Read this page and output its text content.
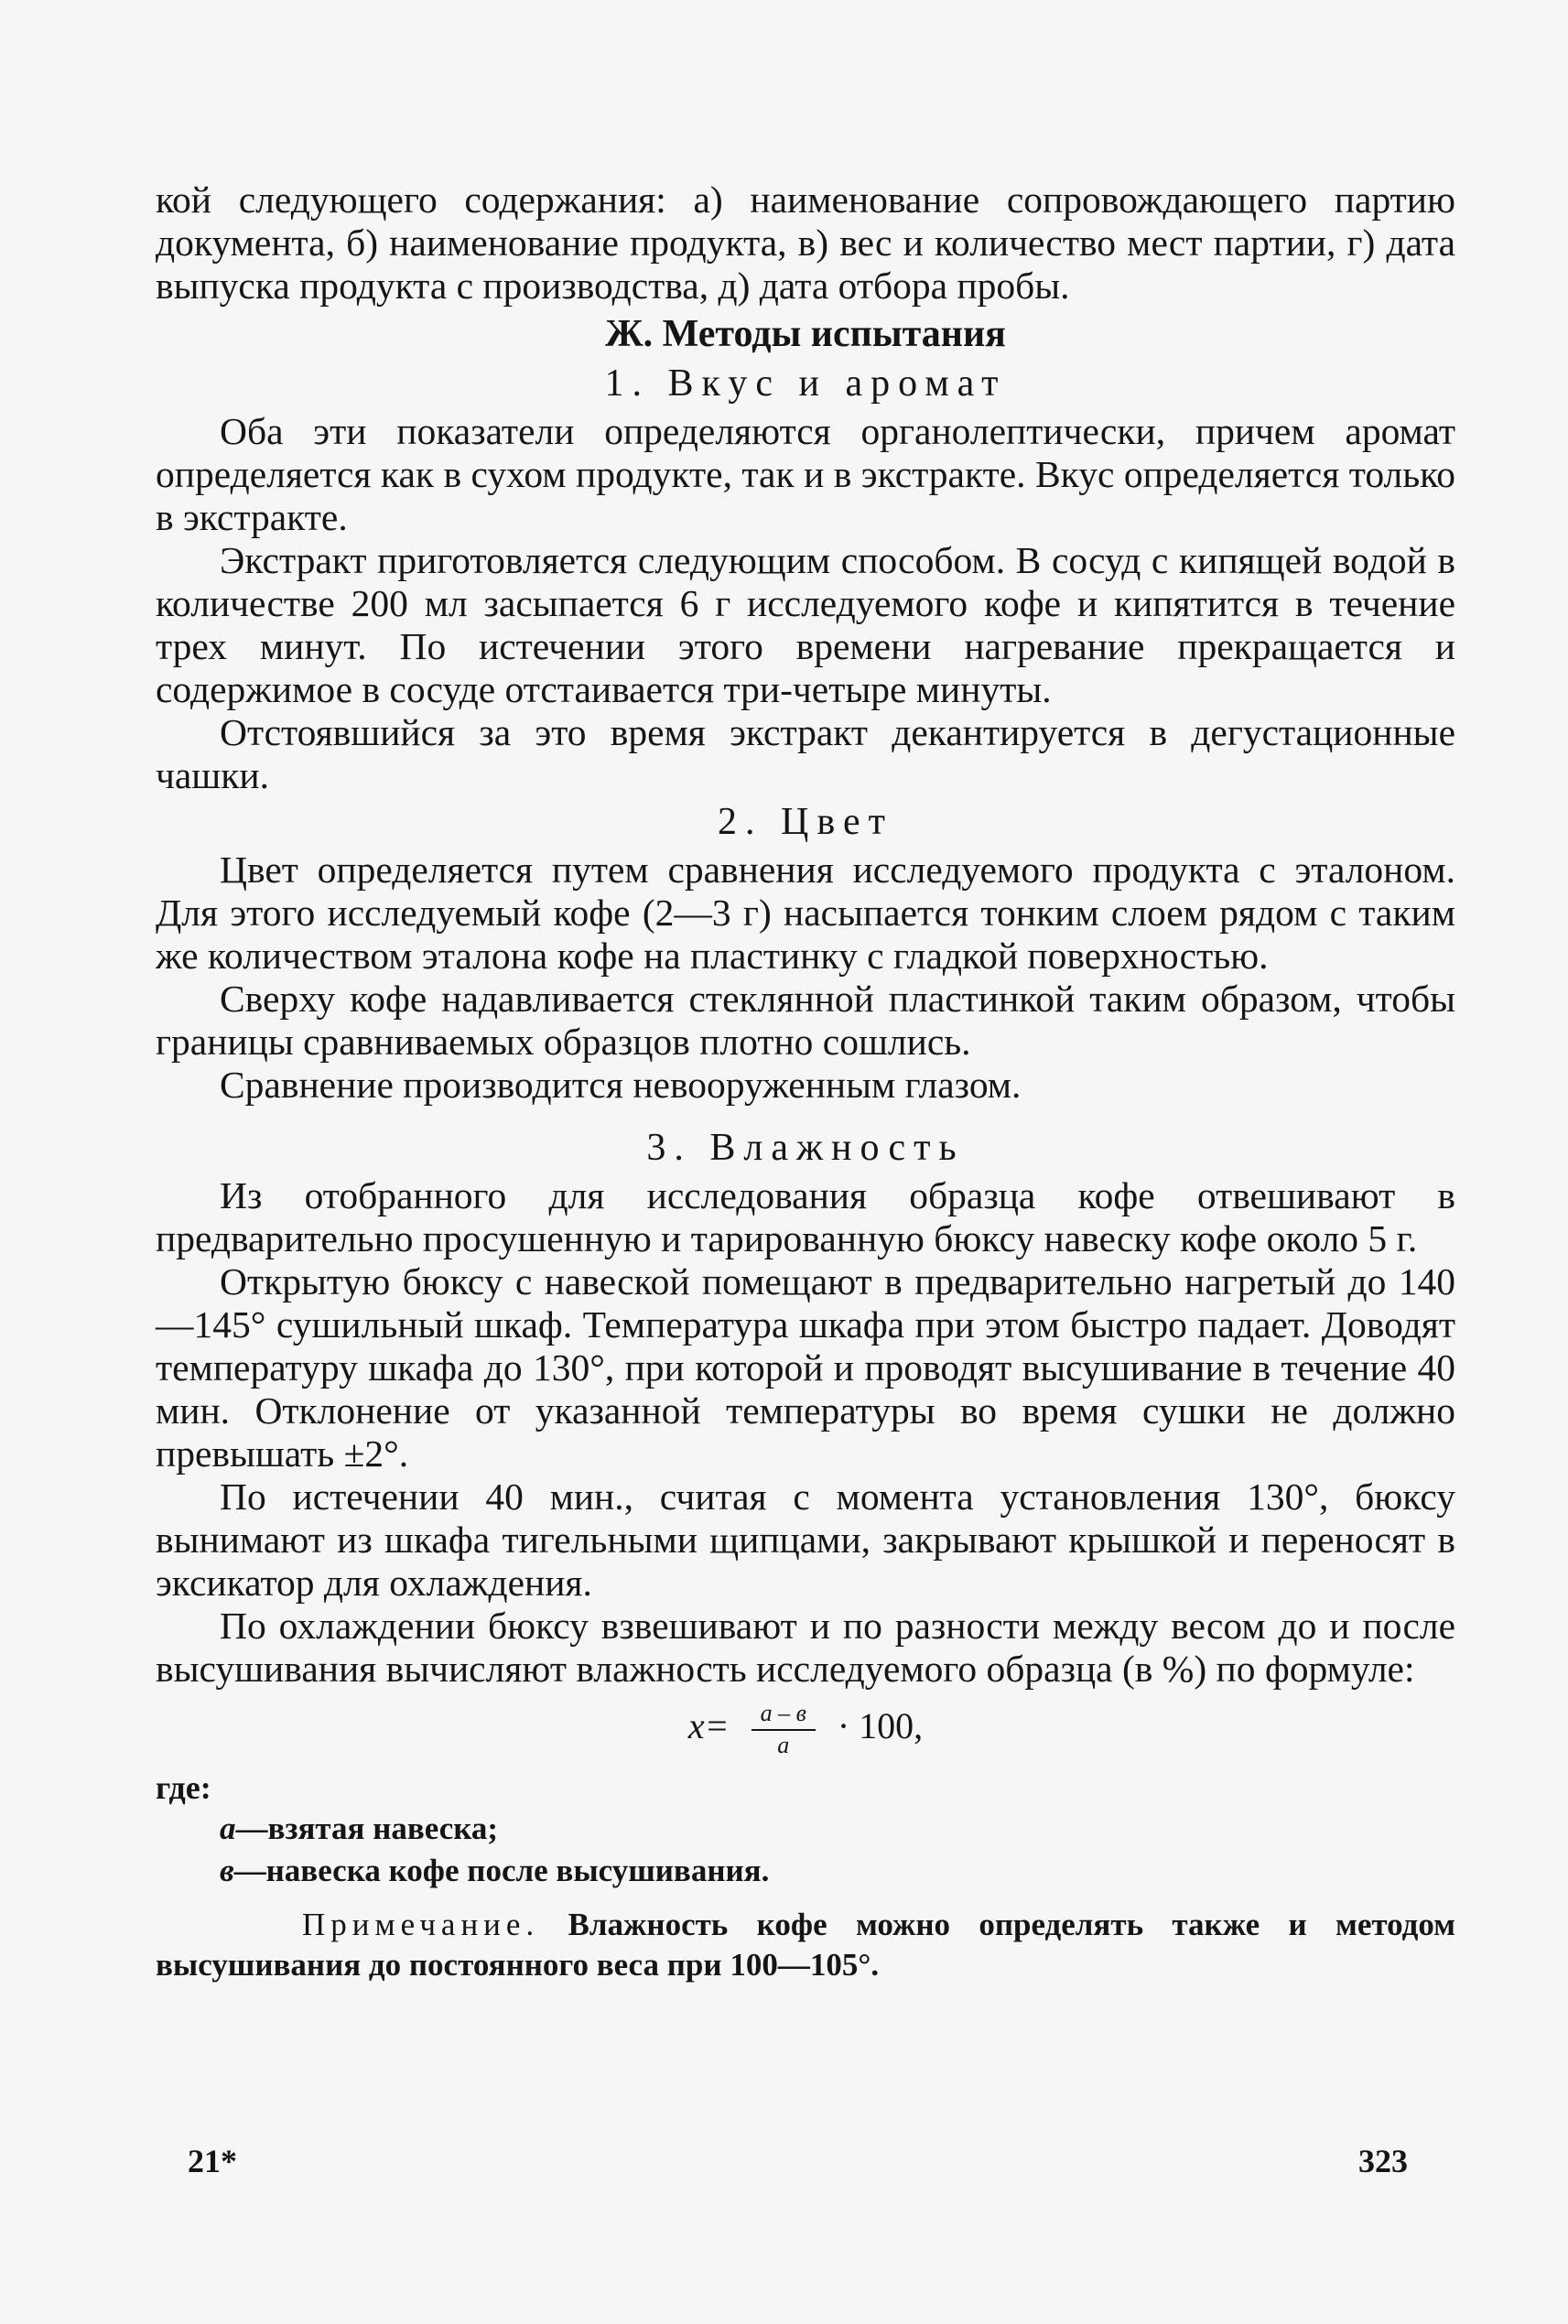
кой следующего содержания: а) наименование сопровождающего партию документа, б) наименование продукта, в) вес и количество мест партии, г) дата выпуска продукта с производства, д) дата отбора пробы.

Ж. Методы испытания
1. Вкус и аромат

Оба эти показатели определяются органолептически, причем аромат определяется как в сухом продукте, так и в экстракте. Вкус определяется только в экстракте.

Экстракт приготовляется следующим способом. В сосуд с кипящей водой в количестве 200 мл засыпается 6 г исследуемого кофе и кипятится в течение трех минут. По истечении этого времени нагревание прекращается и содержимое в сосуде отстаивается три-четыре минуты.

Отстоявшийся за это время экстракт декантируется в дегустационные чашки.

2. Цвет

Цвет определяется путем сравнения исследуемого продукта с эталоном. Для этого исследуемый кофе (2—3 г) насыпается тонким слоем рядом с таким же количеством эталона кофе на пластинку с гладкой поверхностью.

Сверху кофе надавливается стеклянной пластинкой таким образом, чтобы границы сравниваемых образцов плотно сошлись.

Сравнение производится невооруженным глазом.

3. Влажность

Из отобранного для исследования образца кофе отвешивают в предварительно просушенную и тарированную бюксу навеску кофе около 5 г.

Открытую бюксу с навеской помещают в предварительно нагретый до 140—145° сушильный шкаф. Температура шкафа при этом быстро падает. Доводят температуру шкафа до 130°, при которой и проводят высушивание в течение 40 мин. Отклонение от указанной температуры во время сушки не должно превышать ±2°.

По истечении 40 мин., считая с момента установления 130°, бюксу вынимают из шкафа тигельными щипцами, закрывают крышкой и переносят в эксикатор для охлаждения.

По охлаждении бюксу взвешивают и по разности между весом до и после высушивания вычисляют влажность исследуемого образца (в %) по формуле:

$x= \frac{а - в}{а} \cdot 100$,
где:
а—взятая навеска;
в—навеска кофе после высушивания.

Примечание. Влажность кофе можно определять также и методом высушивания до постоянного веса при 100—105°.

21*	323
